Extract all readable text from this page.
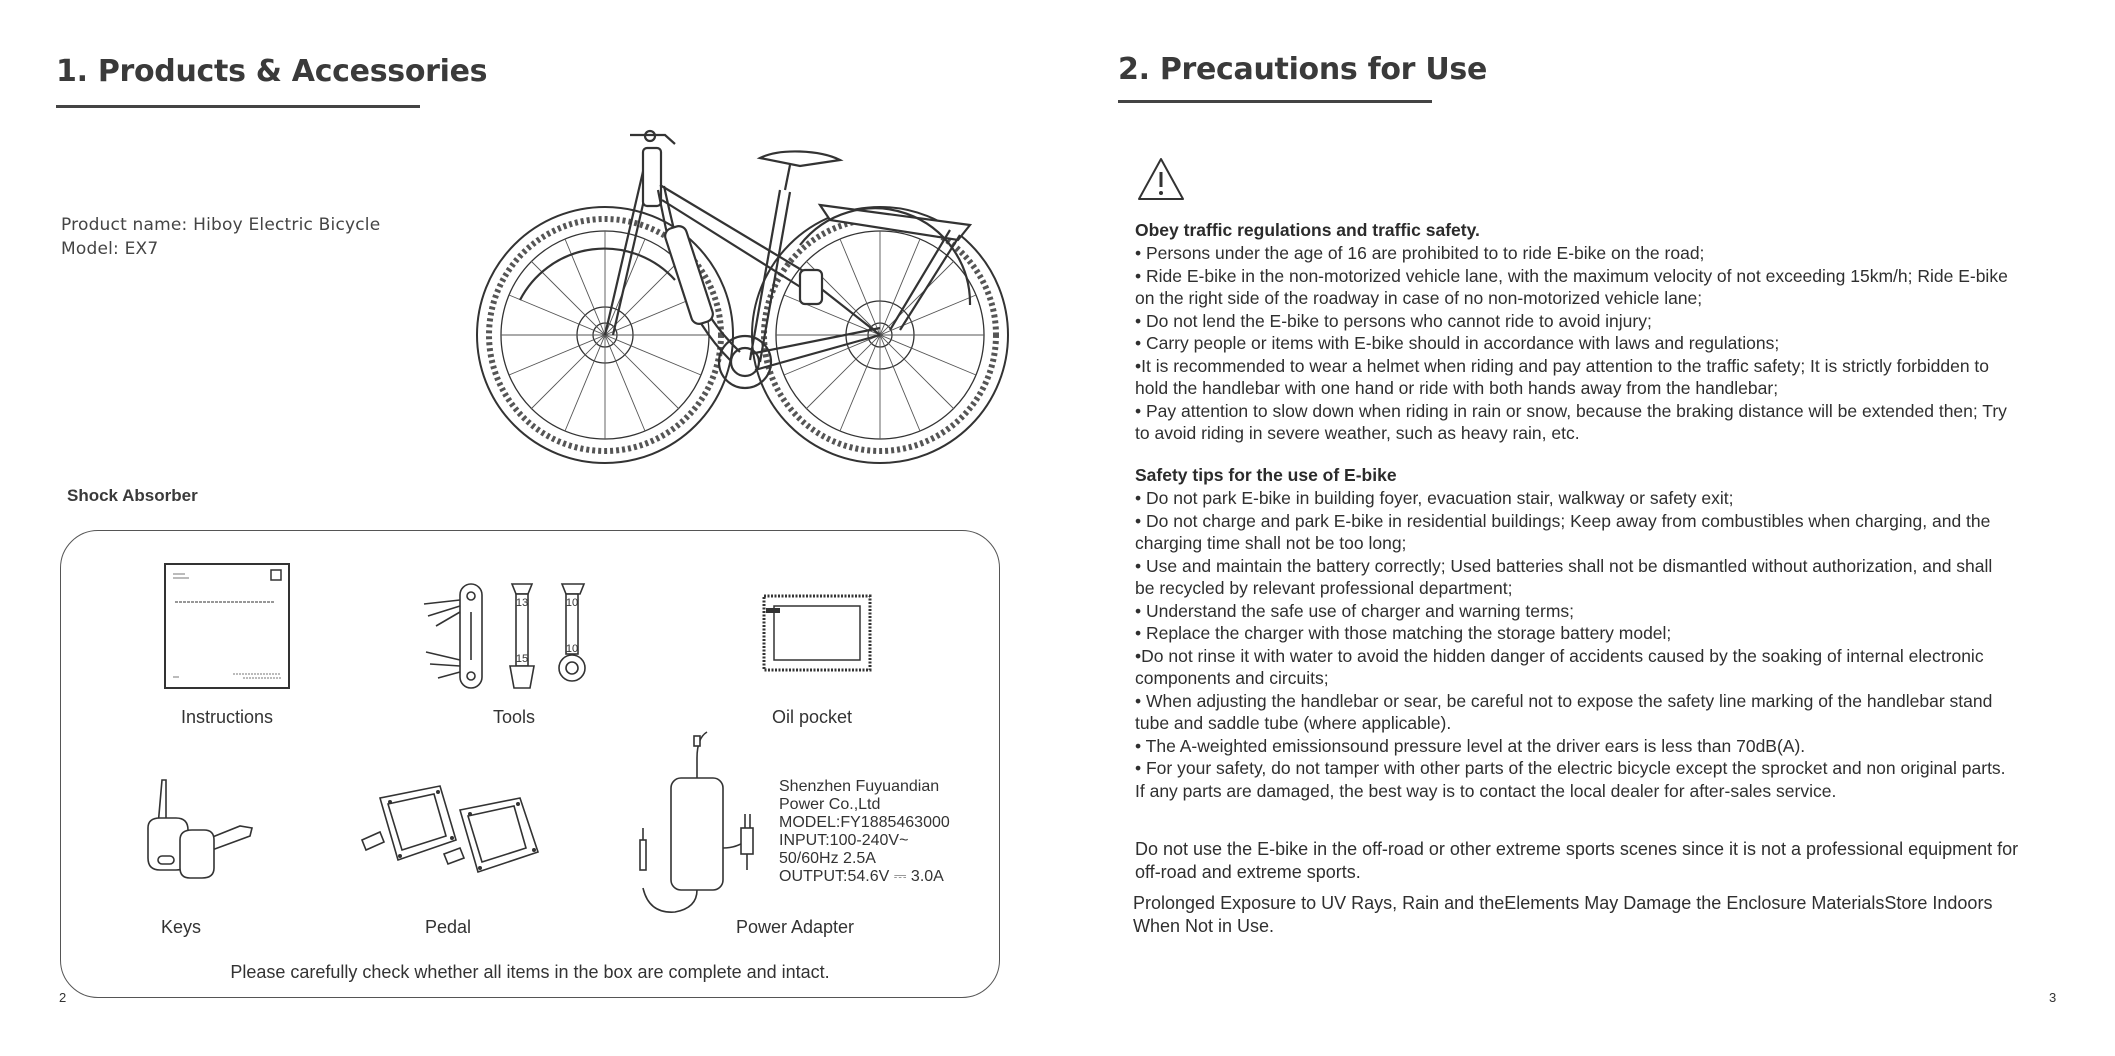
1. Products & Accessories
Product name: Hiboy Electric Bicycle
Model: EX7
Shock Absorber
Instructions
13	10
15
10
Tools	Oil pocket
Keys	Pedal
Shenzhen Fuyuandian
Power Co.,Ltd
MODEL:FY1885463000
INPUT:100-240V~
50/60Hz 2.5A
OUTPUT:54.6V ⎓ 3.0A
Power Adapter
Please carefully check whether all items in the box are complete and intact.
2
2. Precautions for Use
Obey traffic regulations and traffic safety.
• Persons under the age of 16 are prohibited to to ride E-bike on the road;
• Ride E-bike in the non-motorized vehicle lane, with the maximum velocity of not exceeding 15km/h; Ride E-bike
on the right side of the roadway in case of no non-motorized vehicle lane;
• Do not lend the E-bike to persons who cannot ride to avoid injury;
• Carry people or items with E-bike should in accordance with laws and regulations;
•It is recommended to wear a helmet when riding and pay attention to the traffic safety; It is strictly forbidden to
hold the handlebar with one hand or ride with both hands away from the handlebar;
• Pay attention to slow down when riding in rain or snow, because the braking distance will be extended then; Try
to avoid riding in severe weather, such as heavy rain, etc.
Safety tips for the use of E-bike
• Do not park E-bike in building foyer, evacuation stair, walkway or safety exit;
• Do not charge and park E-bike in residential buildings; Keep away from combustibles when charging, and the
charging time shall not be too long;
• Use and maintain the battery correctly; Used batteries shall not be dismantled without authorization, and shall
be recycled by relevant professional department;
• Understand the safe use of charger and warning terms;
• Replace the charger with those matching the storage battery model;
•Do not rinse it with water to avoid the hidden danger of accidents caused by the soaking of internal electronic
components and circuits;
• When adjusting the handlebar or sear, be careful not to expose the safety line marking of the handlebar stand
tube and saddle tube (where applicable).
• The A-weighted emissionsound pressure level at the driver ears is less than 70dB(A).
• For your safety, do not tamper with other parts of the electric bicycle except the sprocket and non original parts.
If any parts are damaged, the best way is to contact the local dealer for after-sales service.
Do not use the E-bike in the off-road or other extreme sports scenes since it is not a professional equipment for
off-road and extreme sports.
Prolonged Exposure to UV Rays, Rain and theElements May Damage the Enclosure MaterialsStore Indoors
When Not in Use.
3
